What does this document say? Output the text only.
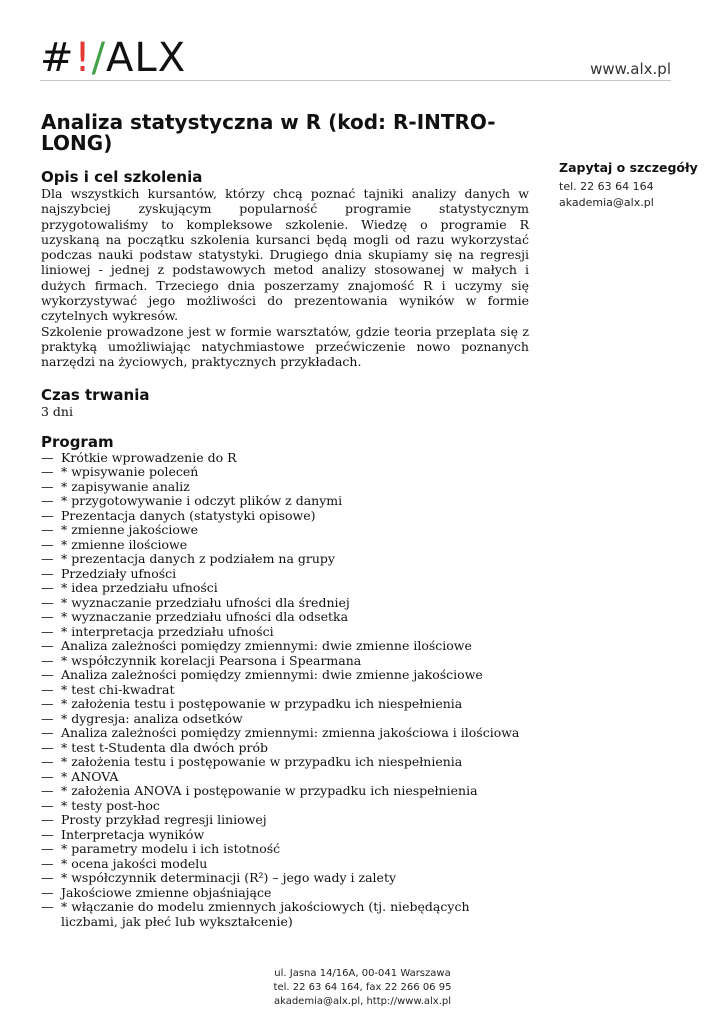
#!/ALX	www.alx.pl
Analiza statystyczna w R (kod: R-INTRO-LONG)
Opis i cel szkolenia

Dla wszystkich kursantów, którzy chcą poznać tajniki analizy danych w najszybciej zyskującym popularność programie statystycznym przygotowaliśmy to kompleksowe szkolenie. Wiedzę o programie R uzyskaną na początku szkolenia kursanci będą mogli od razu wykorzystać podczas nauki podstaw statystyki. Drugiego dnia skupiamy się na regresji liniowej - jednej z podstawowych metod analizy stosowanej w małych i dużych firmach. Trzeciego dnia poszerzamy znajomość R i uczymy się wykorzystywać jego możliwości do prezentowania wyników w formie czytelnych wykresów.

Szkolenie prowadzone jest w formie warsztatów, gdzie teoria przeplata się z praktyką umożliwiając natychmiastowe przećwiczenie nowo poznanych narzędzi na życiowych, praktycznych przykładach.

Czas trwania

3 dni

Program
— Krótkie wprowadzenie do R
— * wpisywanie poleceń
— * zapisywanie analiz
— * przygotowywanie i odczyt plików z danymi
— Prezentacja danych (statystyki opisowe)
— * zmienne jakościowe
— * zmienne ilościowe
— * prezentacja danych z podziałem na grupy
— Przedziały ufności
— * idea przedziału ufności
— * wyznaczanie przedziału ufności dla średniej
— * wyznaczanie przedziału ufności dla odsetka
— * interpretacja przedziału ufności
— Analiza zależności pomiędzy zmiennymi: dwie zmienne ilościowe
— * współczynnik korelacji Pearsona i Spearmana
— Analiza zależności pomiędzy zmiennymi: dwie zmienne jakościowe
— * test chi-kwadrat
— * założenia testu i postępowanie w przypadku ich niespełnienia
— * dygresja: analiza odsetków
— Analiza zależności pomiędzy zmiennymi: zmienna jakościowa i ilościowa
— * test t-Studenta dla dwóch prób
— * założenia testu i postępowanie w przypadku ich niespełnienia
— * ANOVA
— * założenia ANOVA i postępowanie w przypadku ich niespełnienia
— * testy post-hoc
— Prosty przykład regresji liniowej
— Interpretacja wyników
— * parametry modelu i ich istotność
— * ocena jakości modelu
— * współczynnik determinacji (R²) – jego wady i zalety
— Jakościowe zmienne objaśniające
— * włączanie do modelu zmiennych jakościowych (tj. niebędących liczbami, jak płeć lub wykształcenie)
Zapytaj o szczegóły
tel. 22 63 64 164
akademia@alx.pl
ul. Jasna 14/16A, 00-041 Warszawa
tel. 22 63 64 164, fax 22 266 06 95
akademia@alx.pl, http://www.alx.pl
